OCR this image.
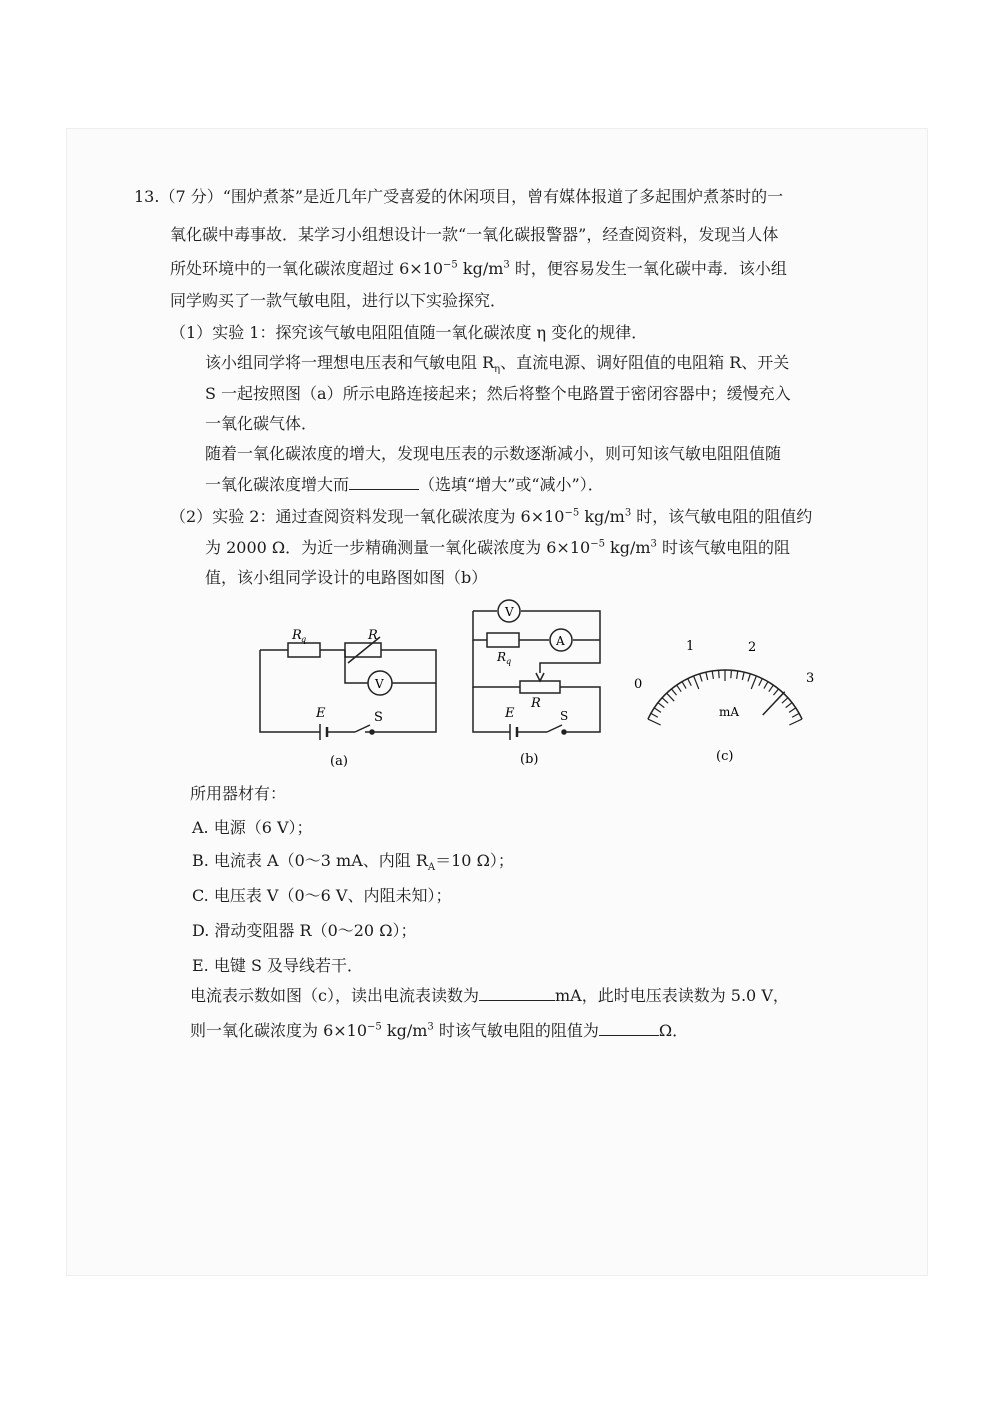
13.（7 分）“围炉煮茶”是近几年广受喜爱的休闲项目，曾有媒体报道了多起围炉煮茶时的一
氧化碳中毒事故．某学习小组想设计一款“一氧化碳报警器”，经查阅资料，发现当人体
所处环境中的一氧化碳浓度超过 $6\times 10^{-5}$ $kg/m^3$ 时，便容易发生一氧化碳中毒．该小组
同学购买了一款气敏电阻，进行以下实验探究．
（1）实验 1：探究该气敏电阻阻值随一氧化碳浓度 η 变化的规律．
该小组同学将一理想电压表和气敏电阻 $R_\eta$、直流电源、调好阻值的电阻箱 R、开关
S 一起按照图（a）所示电路连接起来；然后将整个电路置于密闭容器中；缓慢充入
一氧化碳气体．
随着一氧化碳浓度的增大，发现电压表的示数逐渐减小，则可知该气敏电阻阻值随
一氧化碳浓度增大而	（选填“增大”或“减小”）．
（2）实验 2：通过查阅资料发现一氧化碳浓度为 $6\times 10^{-5}$ $kg/m^3$ 时，该气敏电阻的阻值约
为 2000 Ω．为近一步精确测量一氧化碳浓度为 $6\times 10^{-5}$ $kg/m^3$ 时该气敏电阻的阻
值，该小组同学设计的电路图如图（b）
R q	R
V
E	S
(a)
V
A
R q
R
E	S
(b)
0
1	2
3
mA
(c)
所用器材有：
A. 电源（6 V）；
B. 电流表 A（0～3 mA、内阻 $R_A=10$ Ω）；
C. 电压表 V（0～6 V、内阻未知）；
D. 滑动变阻器 R（0～20 Ω）；
E. 电键 S 及导线若干．
电流表示数如图（c），读出电流表读数为	mA，此时电压表读数为 5.0 V，
则一氧化碳浓度为 $6\times 10^{-5}$ $kg/m^3$ 时该气敏电阻的阻值为	Ω．
